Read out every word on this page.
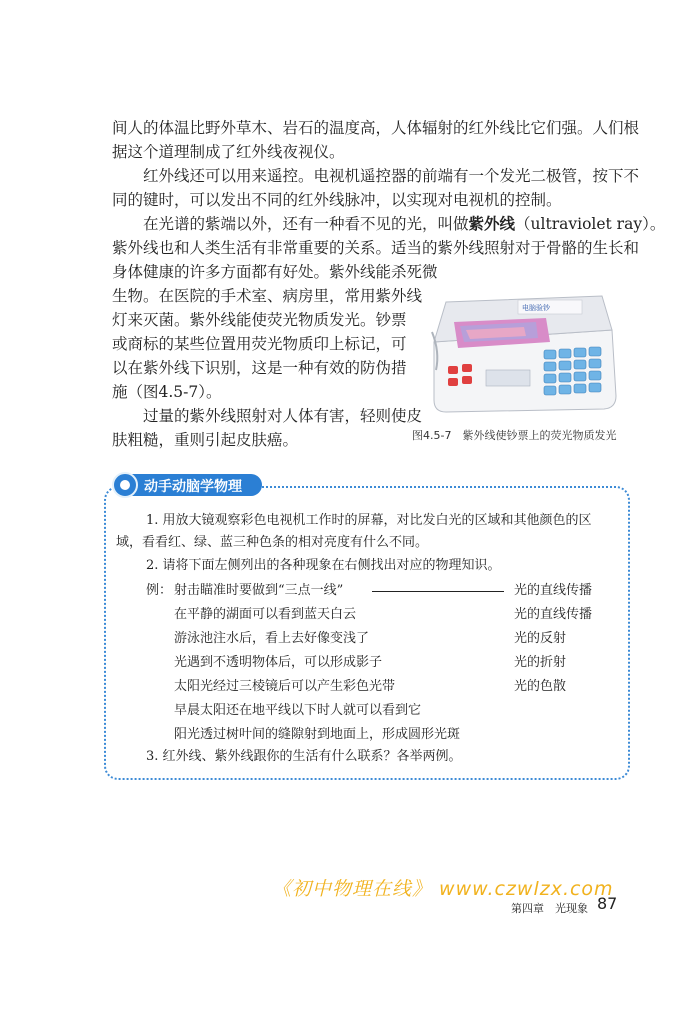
间人的体温比野外草木、岩石的温度高，人体辐射的红外线比它们强。人们根
据这个道理制成了红外线夜视仪。
红外线还可以用来遥控。电视机遥控器的前端有一个发光二极管，按下不
同的键时，可以发出不同的红外线脉冲，以实现对电视机的控制。
在光谱的紫端以外，还有一种看不见的光，叫做紫外线（ultraviolet ray）。
紫外线也和人类生活有非常重要的关系。适当的紫外线照射对于骨骼的生长和
身体健康的许多方面都有好处。紫外线能杀死微
生物。在医院的手术室、病房里，常用紫外线
灯来灭菌。紫外线能使荧光物质发光。钞票
或商标的某些位置用荧光物质印上标记，可
以在紫外线下识别，这是一种有效的防伪措
施（图4.5-7）。
过量的紫外线照射对人体有害，轻则使皮
肤粗糙，重则引起皮肤癌。
电脑验钞
图4.5-7　紫外线使钞票上的荧光物质发光
动手动脑学物理
1. 用放大镜观察彩色电视机工作时的屏幕，对比发白光的区域和其他颜色的区
域，看看红、绿、蓝三种色条的相对亮度有什么不同。
2. 请将下面左侧列出的各种现象在右侧找出对应的物理知识。
例： 射击瞄准时要做到“三点一线”
在平静的湖面可以看到蓝天白云
游泳池注水后，看上去好像变浅了
光遇到不透明物体后，可以形成影子
太阳光经过三棱镜后可以产生彩色光带
早晨太阳还在地平线以下时人就可以看到它
阳光透过树叶间的缝隙射到地面上，形成圆形光斑
光的直线传播
光的直线传播
光的反射
光的折射
光的色散
3. 红外线、紫外线跟你的生活有什么联系？各举两例。
《初中物理在线》 www.czwlzx.com
第四章　光现象 87
